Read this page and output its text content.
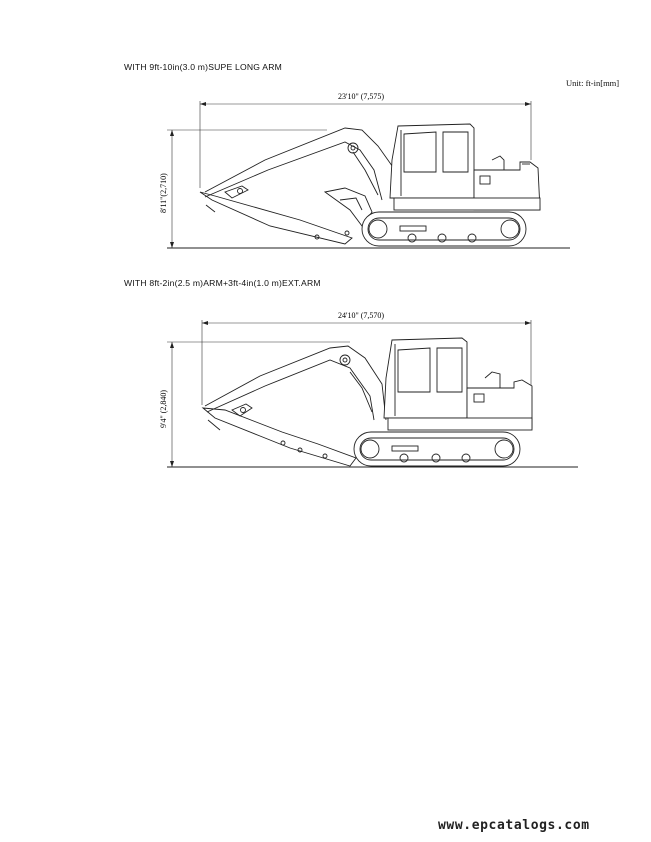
WITH 9ft-10in(3.0 m)SUPE LONG ARM
Unit: ft-in[mm]
23'10" (7,575)
8'11"(2,710)
24'10" (7,570)
9'4" (2,840)
WITH 8ft-2in(2.5 m)ARM+3ft-4in(1.0 m)EXT.ARM
www.epcatalogs.com
